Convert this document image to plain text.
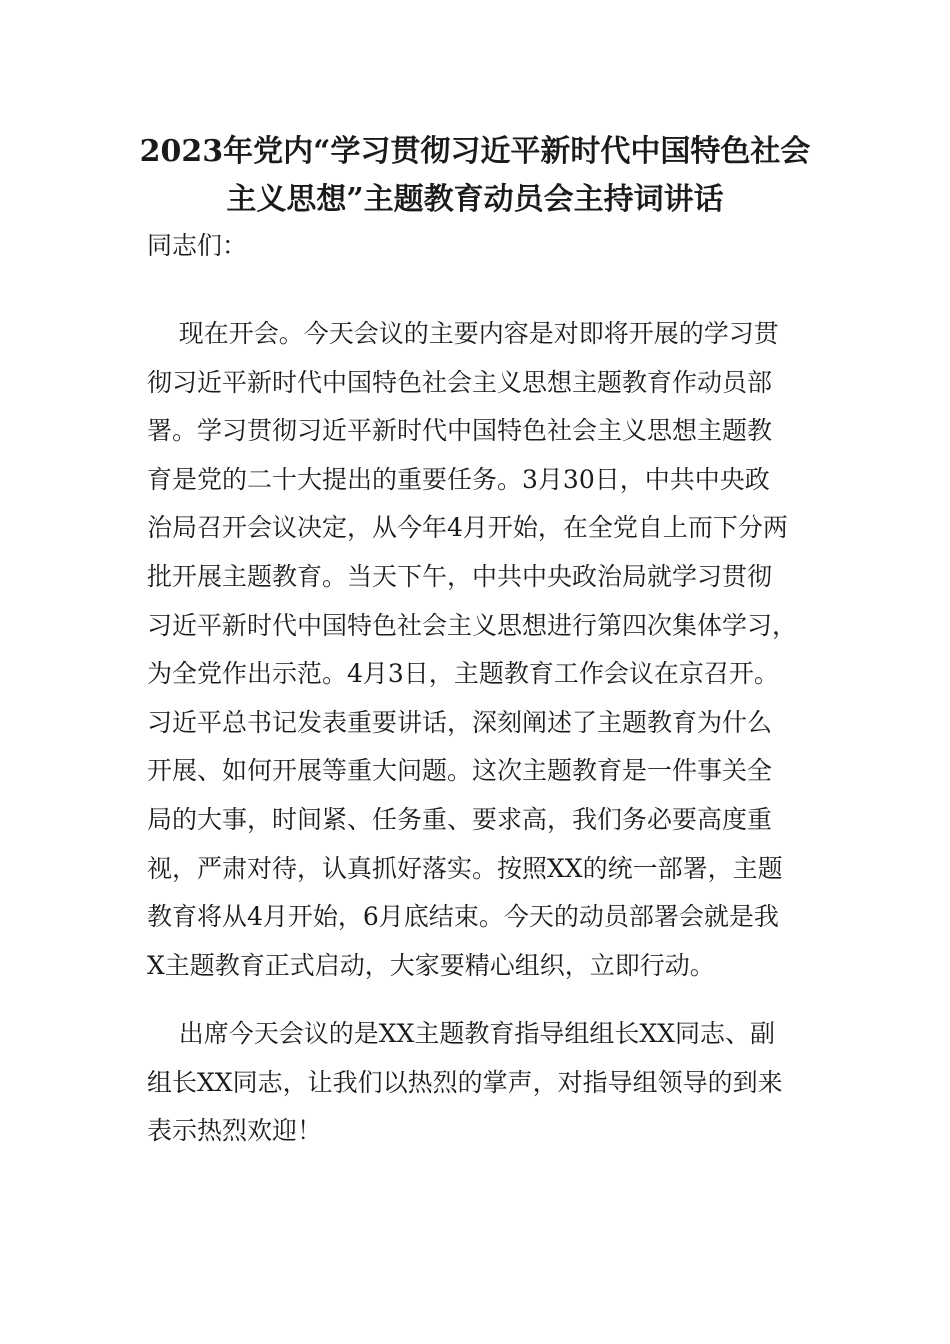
2023年党内“学习贯彻习近平新时代中国特色社会
主义思想”主题教育动员会主持词讲话
同志们：
现在开会。今天会议的主要内容是对即将开展的学习贯
彻习近平新时代中国特色社会主义思想主题教育作动员部
署。学习贯彻习近平新时代中国特色社会主义思想主题教
育是党的二十大提出的重要任务。3月30日，中共中央政
治局召开会议决定，从今年4月开始，在全党自上而下分两
批开展主题教育。当天下午，中共中央政治局就学习贯彻
习近平新时代中国特色社会主义思想进行第四次集体学习，
为全党作出示范。4月3日，主题教育工作会议在京召开。
习近平总书记发表重要讲话，深刻阐述了主题教育为什么
开展、如何开展等重大问题。这次主题教育是一件事关全
局的大事，时间紧、任务重、要求高，我们务必要高度重
视，严肃对待，认真抓好落实。按照XX的统一部署，主题
教育将从4月开始，6月底结束。今天的动员部署会就是我
X主题教育正式启动，大家要精心组织，立即行动。
出席今天会议的是XX主题教育指导组组长XX同志、副
组长XX同志，让我们以热烈的掌声，对指导组领导的到来
表示热烈欢迎！
